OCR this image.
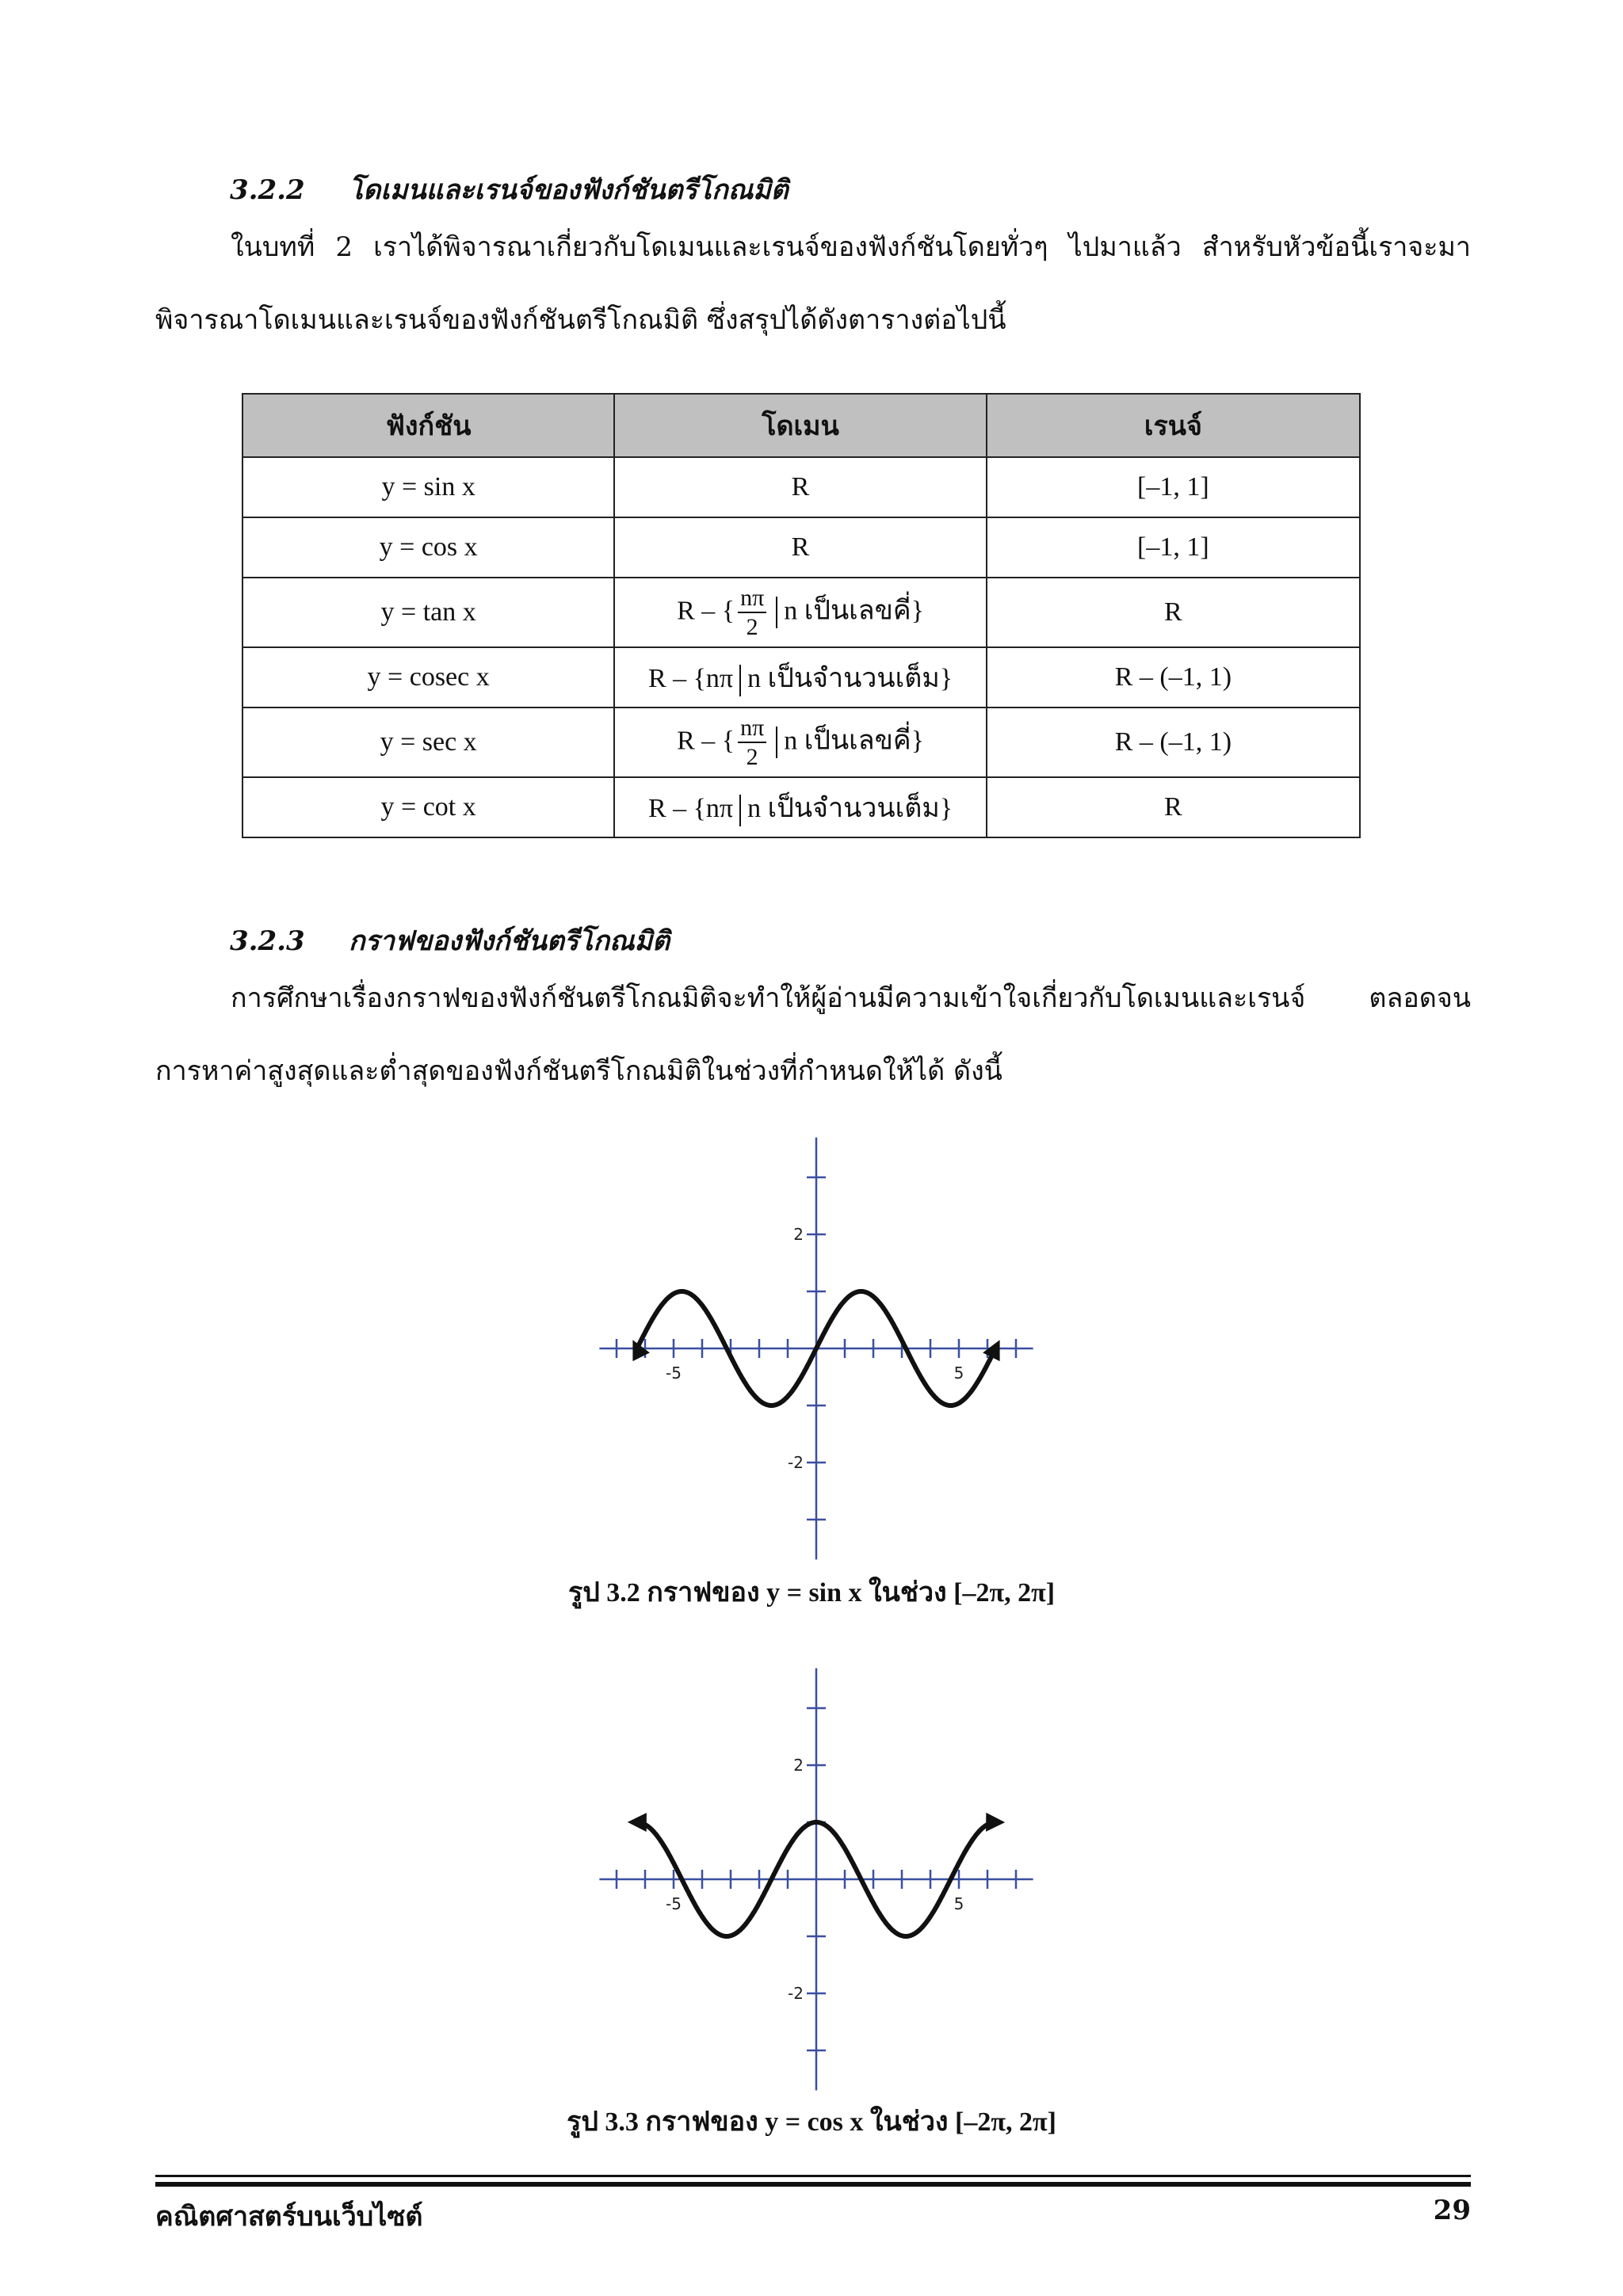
3.2.2 โดเมนและเรนจ์ของฟังก์ชันตรีโกณมิติ
ในบทที่ 2 เราได้พิจารณาเกี่ยวกับโดเมนและเรนจ์ของฟังก์ชันโดยทั่วๆ ไปมาแล้ว สำหรับหัวข้อนี้เราจะมา
พิจารณาโดเมนและเรนจ์ของฟังก์ชันตรีโกณมิติ ซึ่งสรุปได้ดังตารางต่อไปนี้
ฟังก์ชัน	โดเมน	เรนจ์
y = sin x	R	[–1, 1]
y = cos x	R	[–1, 1]
y = tan x	R – { $\frac{n\pi}{2}$ n เป็นเลขคี่}	R
y = cosec x	R – {nπ n เป็นจำนวนเต็ม}	R – (–1, 1)
y = sec x	R – { $\frac{n\pi}{2}$ n เป็นเลขคี่}	R – (–1, 1)
y = cot x	R – {nπ n เป็นจำนวนเต็ม}	R
3.2.3 กราฟของฟังก์ชันตรีโกณมิติ
การศึกษาเรื่องกราฟของฟังก์ชันตรีโกณมิติจะทำให้ผู้อ่านมีความเข้าใจเกี่ยวกับโดเมนและเรนจ์ ตลอดจน
การหาค่าสูงสุดและต่ำสุดของฟังก์ชันตรีโกณมิติในช่วงที่กำหนดให้ได้ ดังนี้
-5	5
2
-2
รูป 3.2 กราฟของ y = sin x ในช่วง [–2π, 2π]
-5	5
2
-2
รูป 3.3 กราฟของ y = cos x ในช่วง [–2π, 2π]
คณิตศาสตร์บนเว็บไซต์	29
